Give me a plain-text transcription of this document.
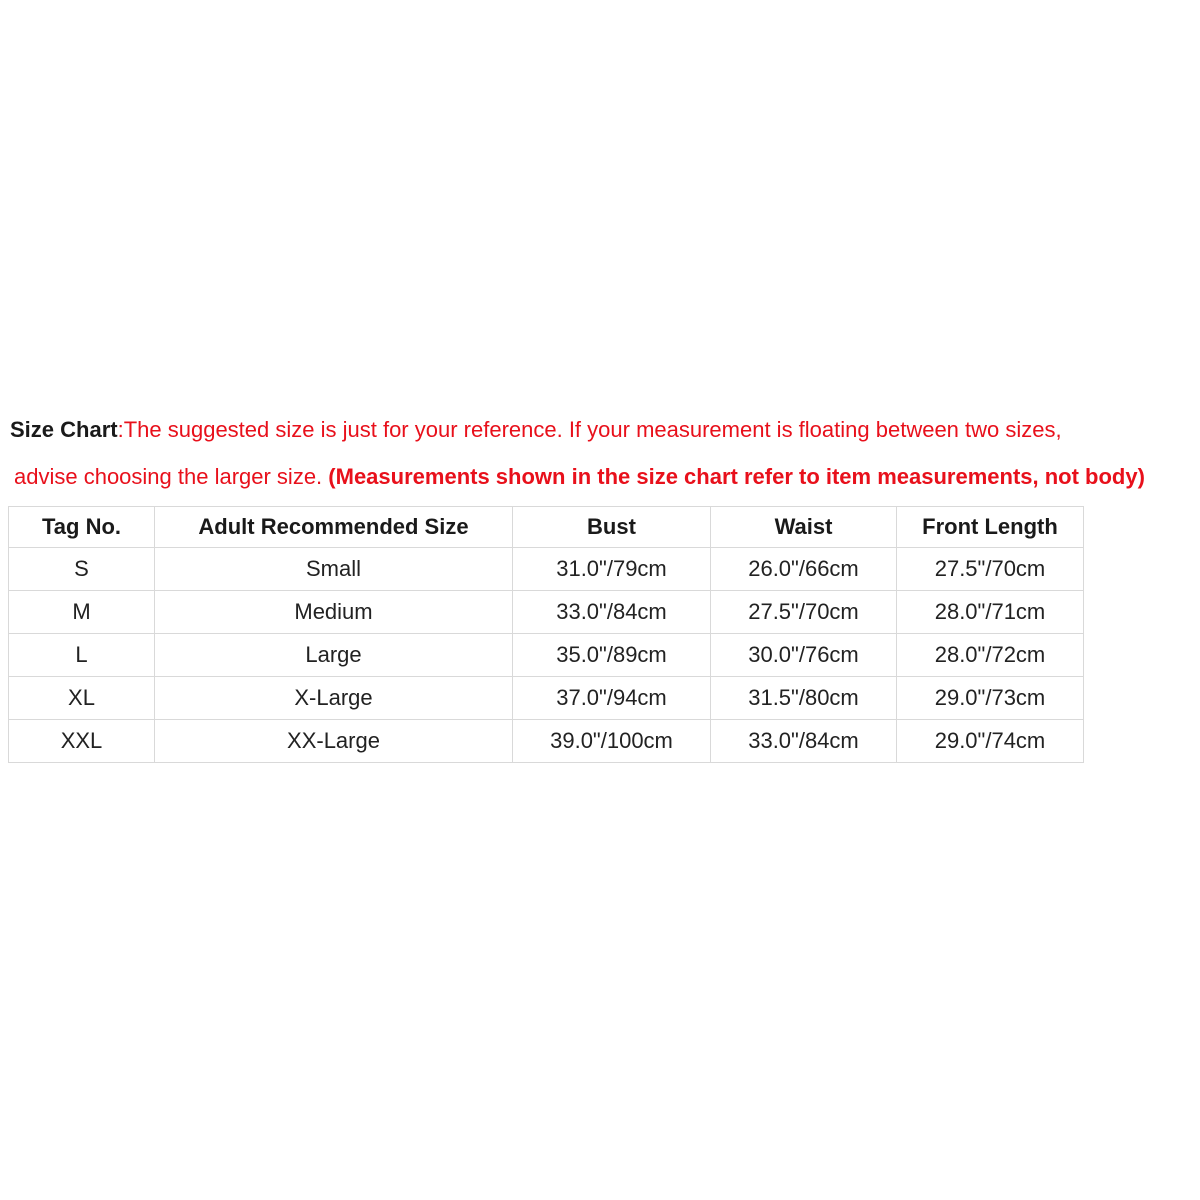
Size Chart:The suggested size is just for your reference. If your measurement is floating between two sizes,
advise choosing the larger size. (Measurements shown in the size chart refer to item measurements, not body)
Tag No.	Adult Recommended Size	Bust	Waist	Front Length
S	Small	31.0"/79cm	26.0"/66cm	27.5"/70cm
M	Medium	33.0"/84cm	27.5"/70cm	28.0"/71cm
L	Large	35.0"/89cm	30.0"/76cm	28.0"/72cm
XL	X-Large	37.0"/94cm	31.5"/80cm	29.0"/73cm
XXL	XX-Large	39.0"/100cm	33.0"/84cm	29.0"/74cm
